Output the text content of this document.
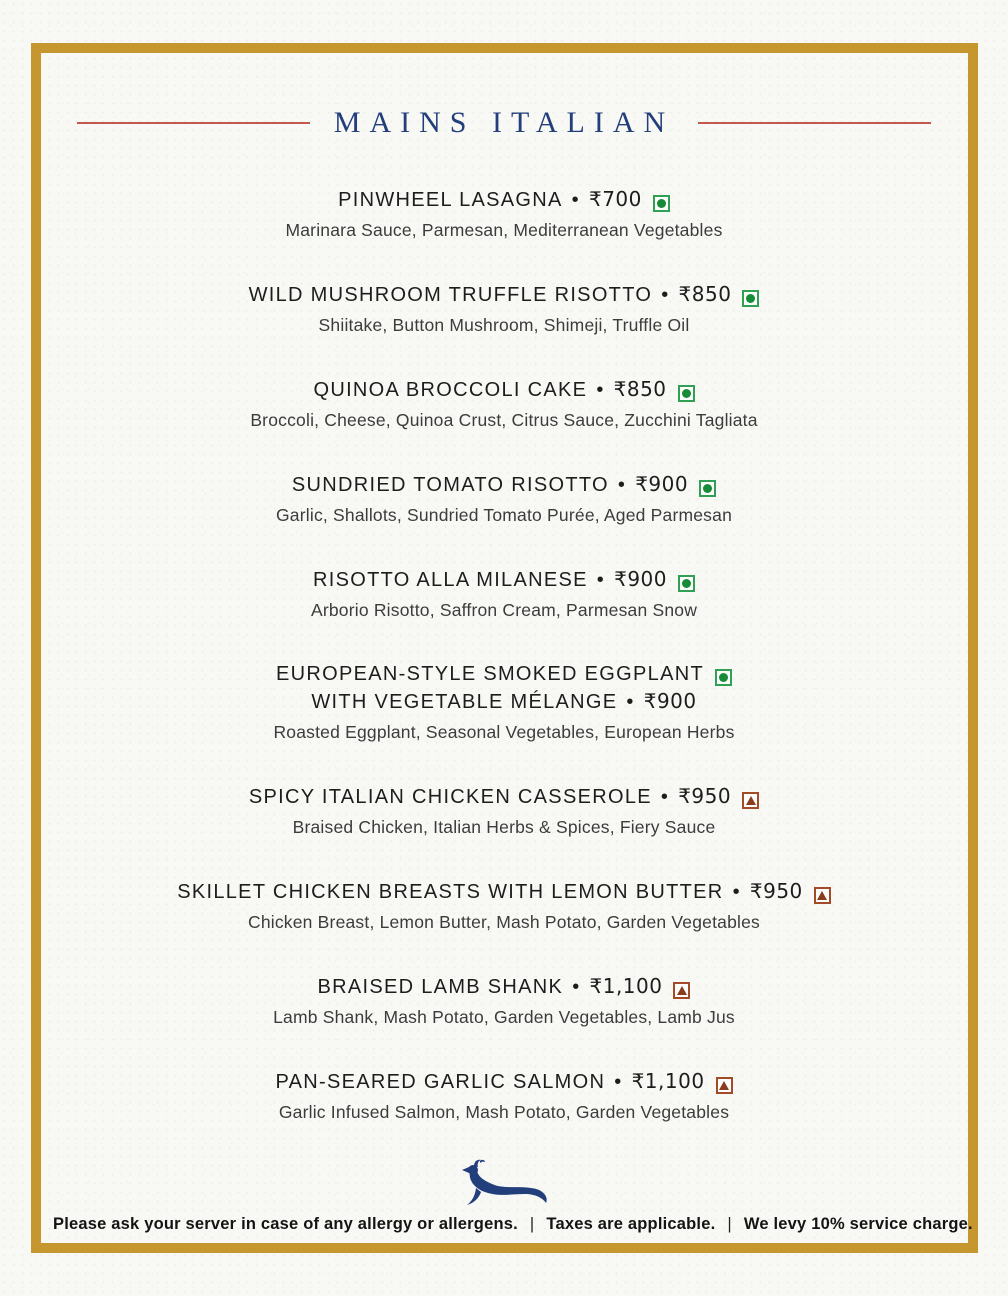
MAINS ITALIAN
PINWHEEL LASAGNA • ₹700
Marinara Sauce, Parmesan, Mediterranean Vegetables
WILD MUSHROOM TRUFFLE RISOTTO • ₹850
Shiitake, Button Mushroom, Shimeji, Truffle Oil
QUINOA BROCCOLI CAKE • ₹850
Broccoli, Cheese, Quinoa Crust, Citrus Sauce, Zucchini Tagliata
SUNDRIED TOMATO RISOTTO • ₹900
Garlic, Shallots, Sundried Tomato Purée, Aged Parmesan
RISOTTO ALLA MILANESE • ₹900
Arborio Risotto, Saffron Cream, Parmesan Snow
EUROPEAN-STYLE SMOKED EGGPLANT
WITH VEGETABLE MÉLANGE • ₹900
Roasted Eggplant, Seasonal Vegetables, European Herbs
SPICY ITALIAN CHICKEN CASSEROLE • ₹950
Braised Chicken, Italian Herbs & Spices, Fiery Sauce
SKILLET CHICKEN BREASTS WITH LEMON BUTTER • ₹950
Chicken Breast, Lemon Butter, Mash Potato, Garden Vegetables
BRAISED LAMB SHANK • ₹1,100
Lamb Shank, Mash Potato, Garden Vegetables, Lamb Jus
PAN-SEARED GARLIC SALMON • ₹1,100
Garlic Infused Salmon, Mash Potato, Garden Vegetables
Please ask your server in case of any allergy or allergens. | Taxes are applicable. | We levy 10% service charge.
